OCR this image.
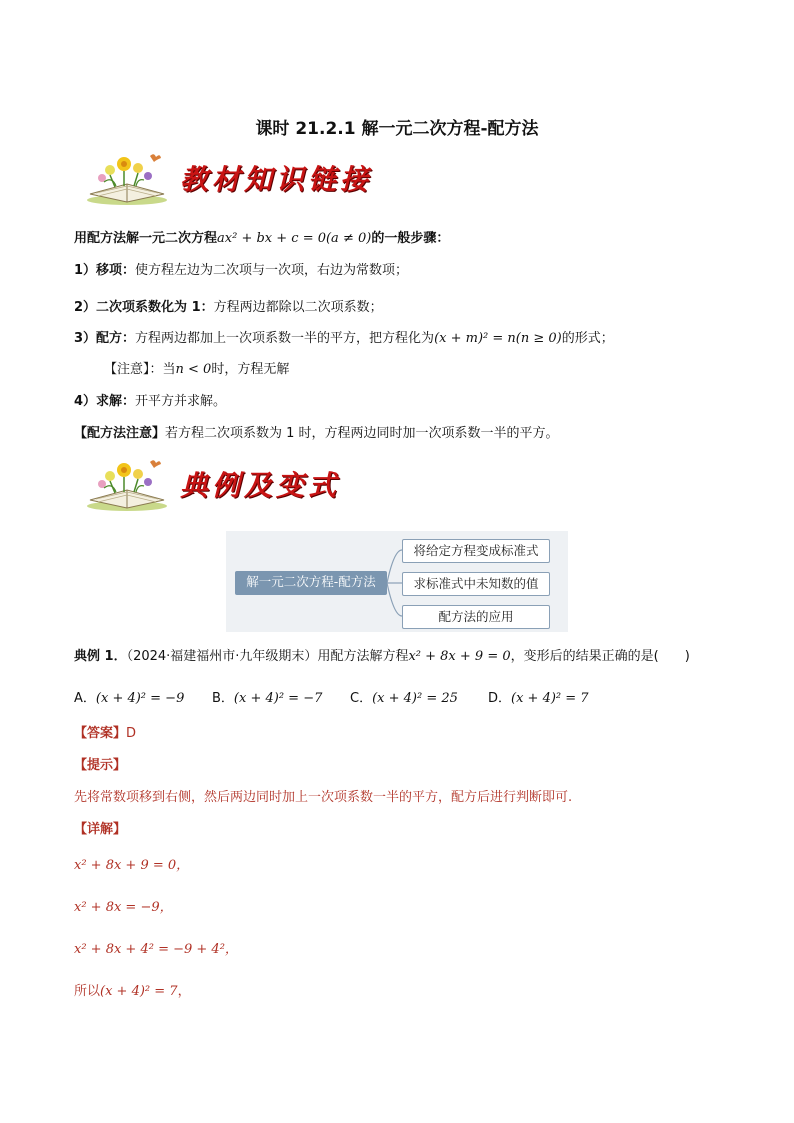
课时 21.2.1 解一元二次方程-配方法
教材知识链接
用配方法解一元二次方程ax² + bx + c = 0(a ≠ 0)的一般步骤：
1）移项：使方程左边为二次项与一次项，右边为常数项；
2）二次项系数化为 1：方程两边都除以二次项系数；
3）配方：方程两边都加上一次项系数一半的平方，把方程化为(x + m)² = n(n ≥ 0)的形式；
【注意】：当n < 0时，方程无解
4）求解：开平方并求解。
【配方法注意】若方程二次项系数为 1 时，方程两边同时加一次项系数一半的平方。
典例及变式
解一元二次方程-配方法
将给定方程变成标准式
求标准式中未知数的值
配方法的应用
典例 1．（2024·福建福州市·九年级期末）用配方法解方程x² + 8x + 9 = 0，变形后的结果正确的是(　　)
A．(x + 4)² = −9 B．(x + 4)² = −7 C．(x + 4)² = 25 D．(x + 4)² = 7
【答案】D
【提示】
先将常数项移到右侧，然后两边同时加上一次项系数一半的平方，配方后进行判断即可.
【详解】
x² + 8x + 9 = 0，
x² + 8x = −9，
x² + 8x + 4² = −9 + 4²，
所以(x + 4)² = 7，
